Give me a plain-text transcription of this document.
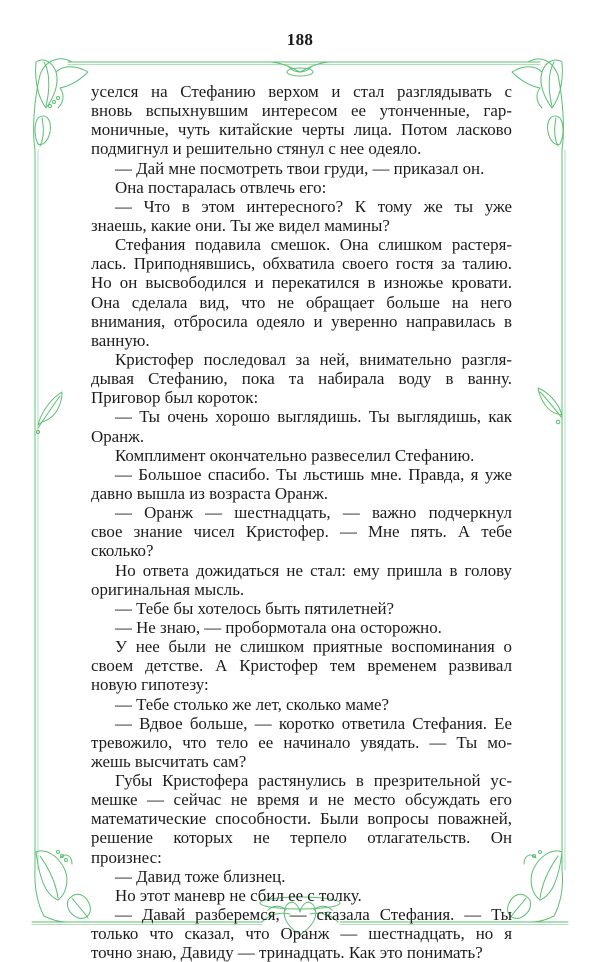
188

уселся на Стефанию верхом и стал разглядывать с
вновь вспыхнувшим интересом ее утонченные, гар-
моничные, чуть китайские черты лица. Потом ласково
подмигнул и решительно стянул с нее одеяло.

— Дай мне посмотреть твои груди, — приказал он.

Она постаралась отвлечь его:

— Что в этом интересного? К тому же ты уже
знаешь, какие они. Ты же видел мамины?

Стефания подавила смешок. Она слишком растеря-
лась. Приподнявшись, обхватила своего гостя за талию.
Но он высвободился и перекатился в изножье кровати.
Она сделала вид, что не обращает больше на него
внимания, отбросила одеяло и уверенно направилась в
ванную.

Кристофер последовал за ней, внимательно разгля-
дывая Стефанию, пока та набирала воду в ванну.
Приговор был короток:

— Ты очень хорошо выглядишь. Ты выглядишь, как
Оранж.

Комплимент окончательно развеселил Стефанию.

— Большое спасибо. Ты льстишь мне. Правда, я уже
давно вышла из возраста Оранж.

— Оранж — шестнадцать, — важно подчеркнул
свое знание чисел Кристофер. — Мне пять. А тебе
сколько?

Но ответа дожидаться не стал: ему пришла в голову
оригинальная мысль.

— Тебе бы хотелось быть пятилетней?

— Не знаю, — пробормотала она осторожно.

У нее были не слишком приятные воспоминания о
своем детстве. А Кристофер тем временем развивал
новую гипотезу:

— Тебе столько же лет, сколько маме?

— Вдвое больше, — коротко ответила Стефания. Ее
тревожило, что тело ее начинало увядать. — Ты мо-
жешь высчитать сам?

Губы Кристофера растянулись в презрительной ус-
мешке — сейчас не время и не место обсуждать его
математические способности. Были вопросы поважней,
решение которых не терпело отлагательств. Он
произнес:

— Давид тоже близнец.

Но этот маневр не сбил ее с толку.

— Давай разберемся, — сказала Стефания. — Ты
только что сказал, что Оранж — шестнадцать, но я
точно знаю, Давиду — тринадцать. Как это понимать?
